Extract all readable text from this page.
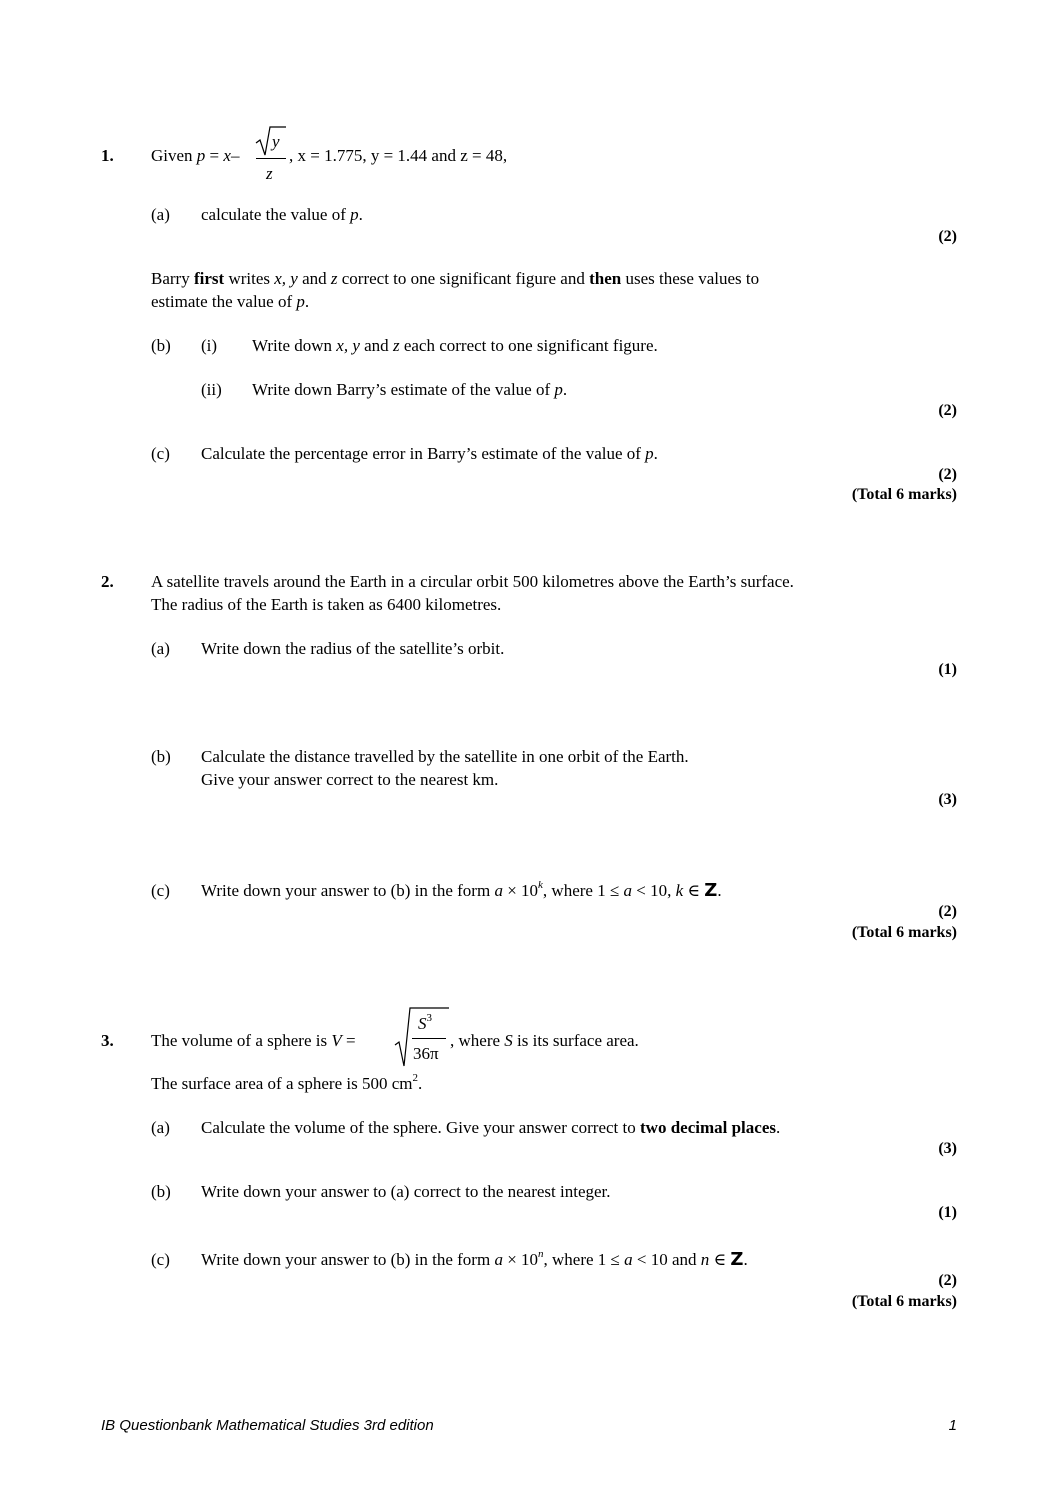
1. Given p = x–
y
z
, x = 1.775, y = 1.44 and z = 48,
(a) calculate the value of p.
(2)
Barry first writes x, y and z correct to one significant figure and then uses these values to
estimate the value of p.
(b) (i) Write down x, y and z each correct to one significant figure.
(ii) Write down Barry’s estimate of the value of p.
(2)
(c) Calculate the percentage error in Barry’s estimate of the value of p.
(2)
(Total 6 marks)
2. A satellite travels around the Earth in a circular orbit 500 kilometres above the Earth’s surface.
The radius of the Earth is taken as 6400 kilometres.
(a) Write down the radius of the satellite’s orbit.
(1)
(b) Calculate the distance travelled by the satellite in one orbit of the Earth.
Give your answer correct to the nearest km.
(3)
(c) Write down your answer to (b) in the form $a \times 10^k$, where 1 ≤ a < 10, k ∈ Z.
(2)
(Total 6 marks)
3. The volume of a sphere is V =
$S^3$
36π
, where S is its surface area.
The surface area of a sphere is 500 $cm^2$.
(a) Calculate the volume of the sphere. Give your answer correct to two decimal places.
(3)
(b) Write down your answer to (a) correct to the nearest integer.
(1)
(c) Write down your answer to (b) in the form $a \times 10^n$, where 1 ≤ a < 10 and n ∈ Z.
(2)
(Total 6 marks)
IB Questionbank Mathematical Studies 3rd edition	1
